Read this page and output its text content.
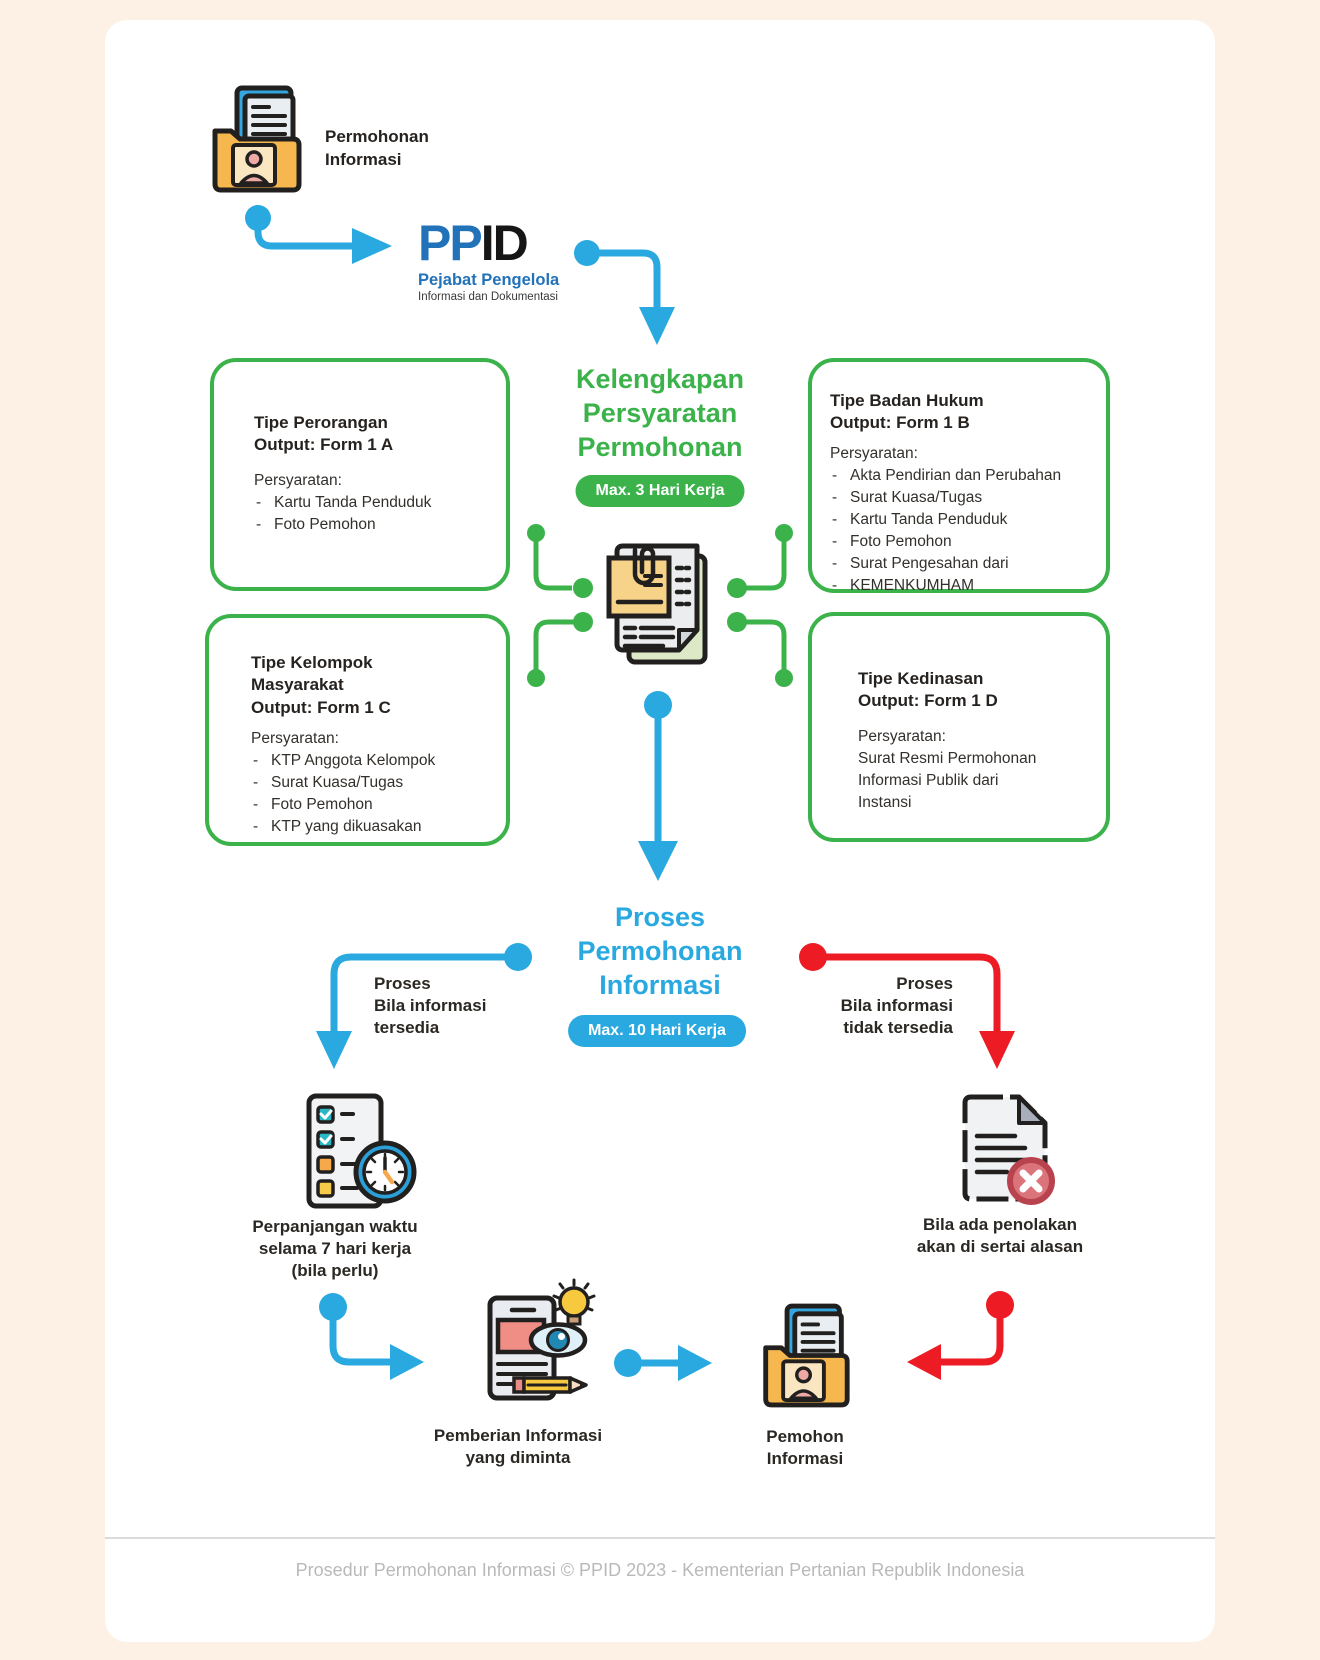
Permohonan
Informasi
PPID
Pejabat Pengelola
Informasi dan Dokumentasi
Kelengkapan
Persyaratan
Permohonan
Max. 3 Hari Kerja
Tipe Perorangan
Output: Form 1 A
Persyaratan:
- Kartu Tanda Penduduk
- Foto Pemohon
Tipe Badan Hukum
Output: Form 1 B
Persyaratan:
- Akta Pendirian dan Perubahan
- Surat Kuasa/Tugas
- Kartu Tanda Penduduk
- Foto Pemohon
- Surat Pengesahan dari
- KEMENKUMHAM
Tipe Kelompok
Masyarakat
Output: Form 1 C
Persyaratan:
- KTP Anggota Kelompok
- Surat Kuasa/Tugas
- Foto Pemohon
- KTP yang dikuasakan
Tipe Kedinasan
Output: Form 1 D
Persyaratan:
Surat Resmi Permohonan
Informasi Publik dari
Instansi
Proses
Permohonan
Informasi
Max. 10 Hari Kerja
Proses
Bila informasi
tersedia
Proses
Bila informasi
tidak tersedia
Perpanjangan waktu
selama 7 hari kerja
(bila perlu)
Bila ada penolakan
akan di sertai alasan
Pemberian Informasi
yang diminta
Pemohon
Informasi
Prosedur Permohonan Informasi © PPID 2023 - Kementerian Pertanian Republik Indonesia
